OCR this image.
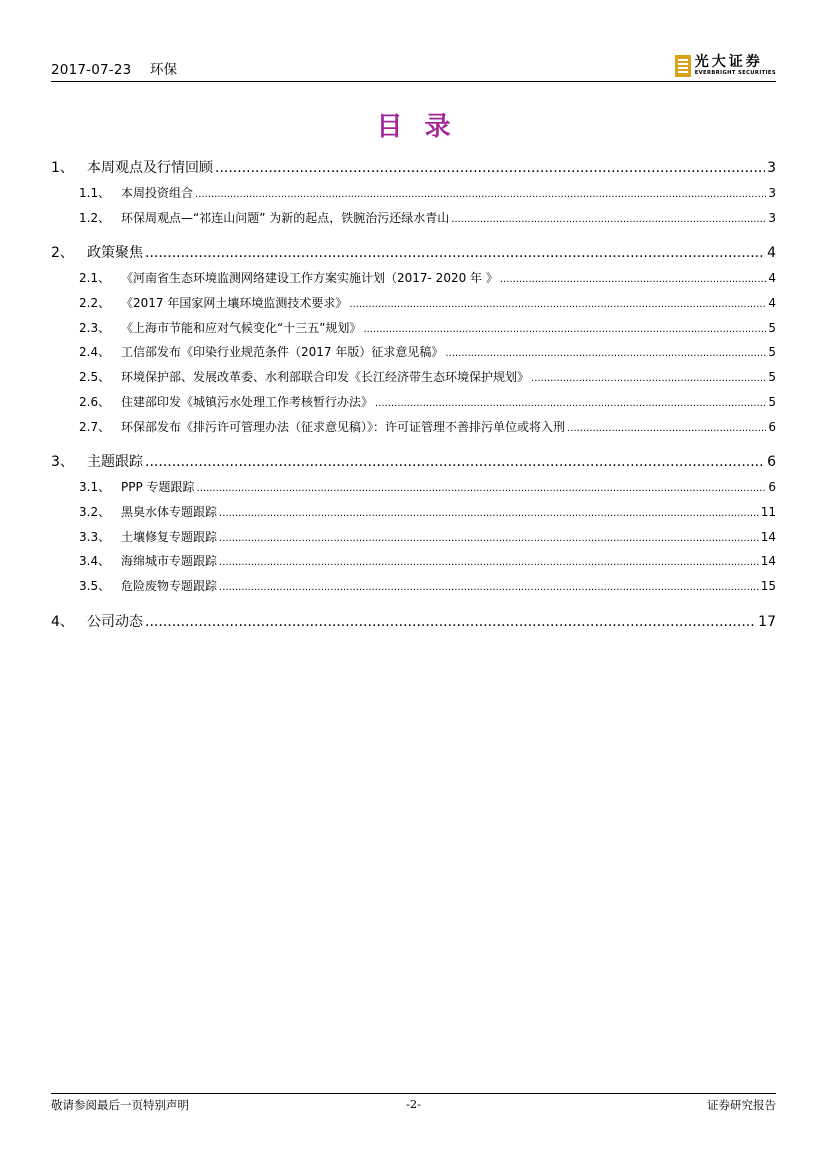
2017-07-23 环保	光大证券
EVERBRIGHT SECURITIES
目录
1、 本周观点及行情回顾 .....	3
1.1、 本周投资组合 .....	3
1.2、 环保周观点—“祁连山问题” 为新的起点，铁腕治污还绿水青山 .....	3
2、 政策聚焦 .....	4
2.1、 《河南省生态环境监测网络建设工作方案实施计划（2017- 2020 年 》 .....	4
2.2、 《2017 年国家网土壤环境监测技术要求》 .....	4
2.3、 《上海市节能和应对气候变化“十三五”规划》 .....	5
2.4、 工信部发布《印染行业规范条件（2017 年版）征求意见稿》 .....	5
2.5、 环境保护部、发展改革委、水利部联合印发《长江经济带生态环境保护规划》 .....	5
2.6、 住建部印发《城镇污水处理工作考核暂行办法》 .....	5
2.7、 环保部发布《排污许可管理办法（征求意见稿）》：许可证管理不善排污单位或将入刑 .....	6
3、 主题跟踪 .....	6
3.1、 PPP 专题跟踪 .....	6
3.2、 黑臭水体专题跟踪 .....	11
3.3、 土壤修复专题跟踪 .....	14
3.4、 海绵城市专题跟踪 .....	14
3.5、 危险废物专题跟踪 .....	15
4、 公司动态 .....	17
敬请参阅最后一页特别声明	-2-	证券研究报告
